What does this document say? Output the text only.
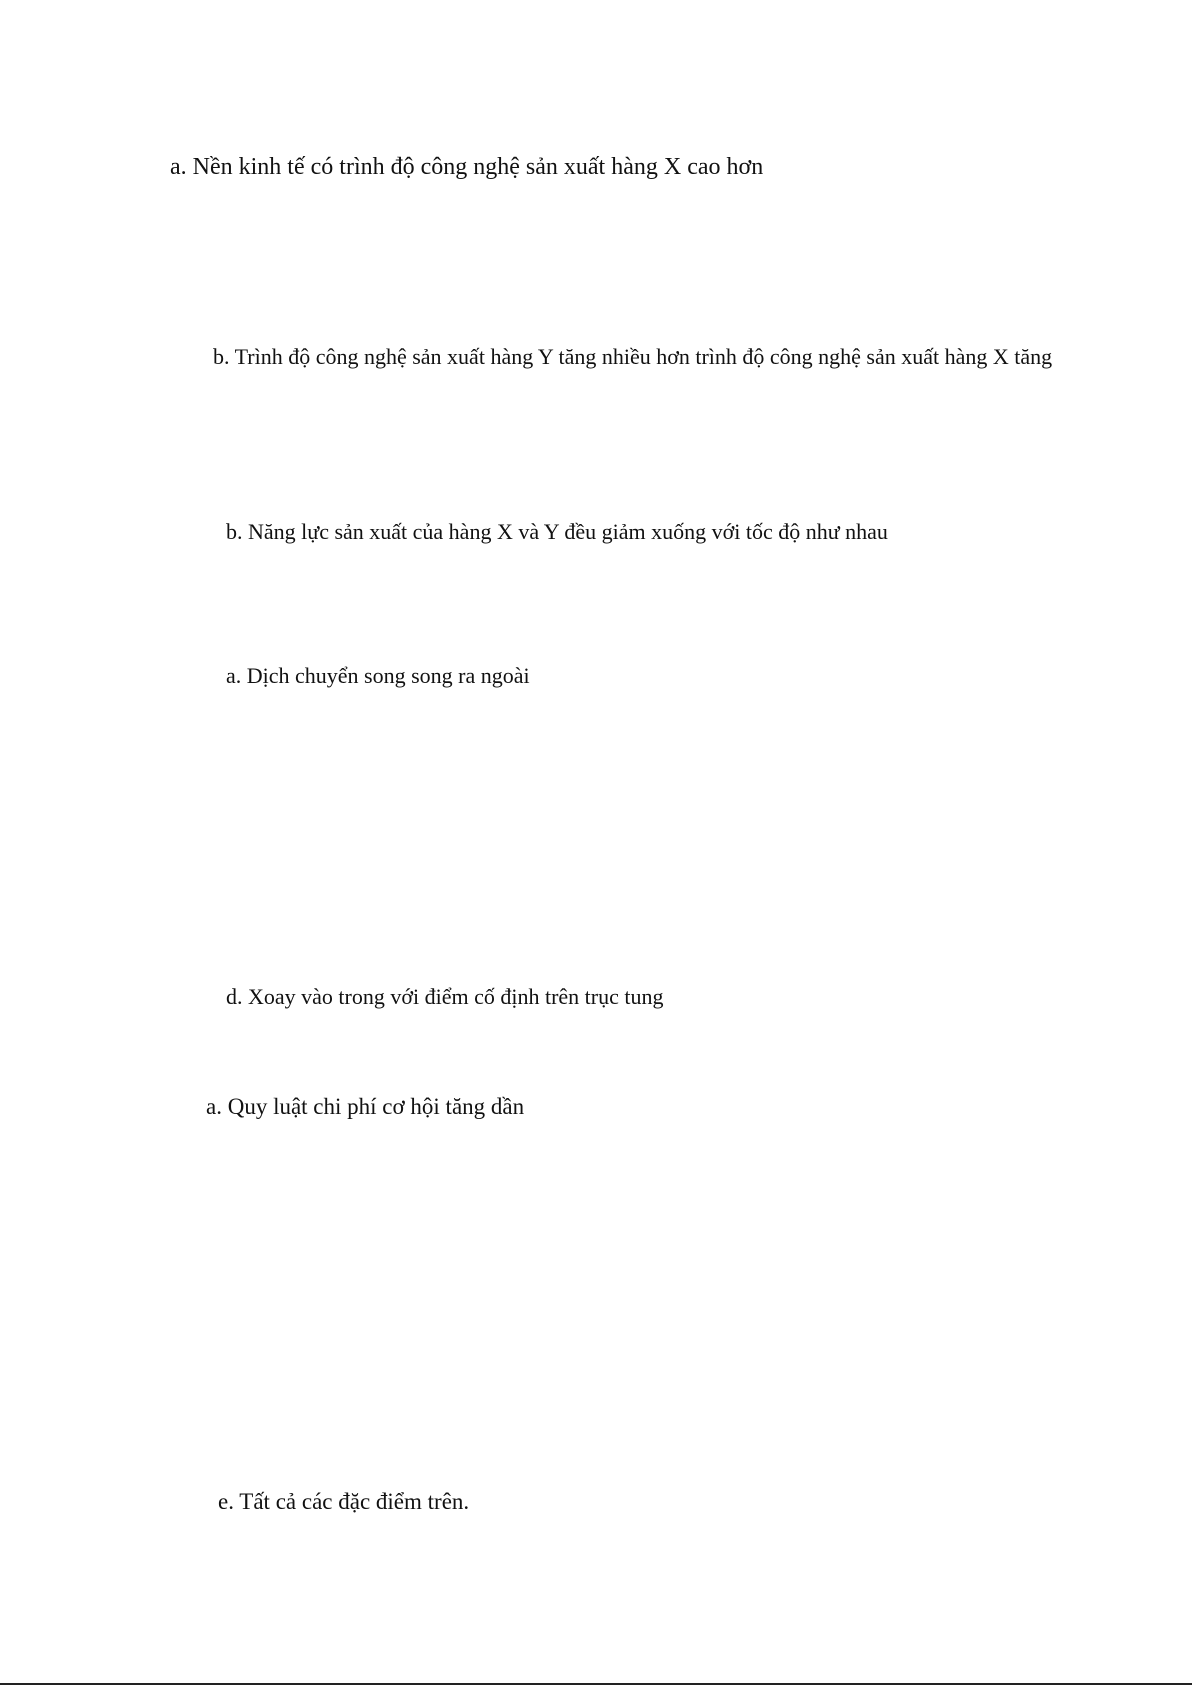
a. Nền kinh tế có trình độ công nghệ sản xuất hàng X cao hơn

b. Trình độ công nghệ sản xuất hàng Y tăng nhiều hơn trình độ công nghệ sản xuất hàng X tăng

b. Năng lực sản xuất của hàng X và Y đều giảm xuống với tốc độ như nhau

a. Dịch chuyển song song ra ngoài

d. Xoay vào trong với điểm cố định trên trục tung

a. Quy luật chi phí cơ hội tăng dần

e. Tất cả các đặc điểm trên.
